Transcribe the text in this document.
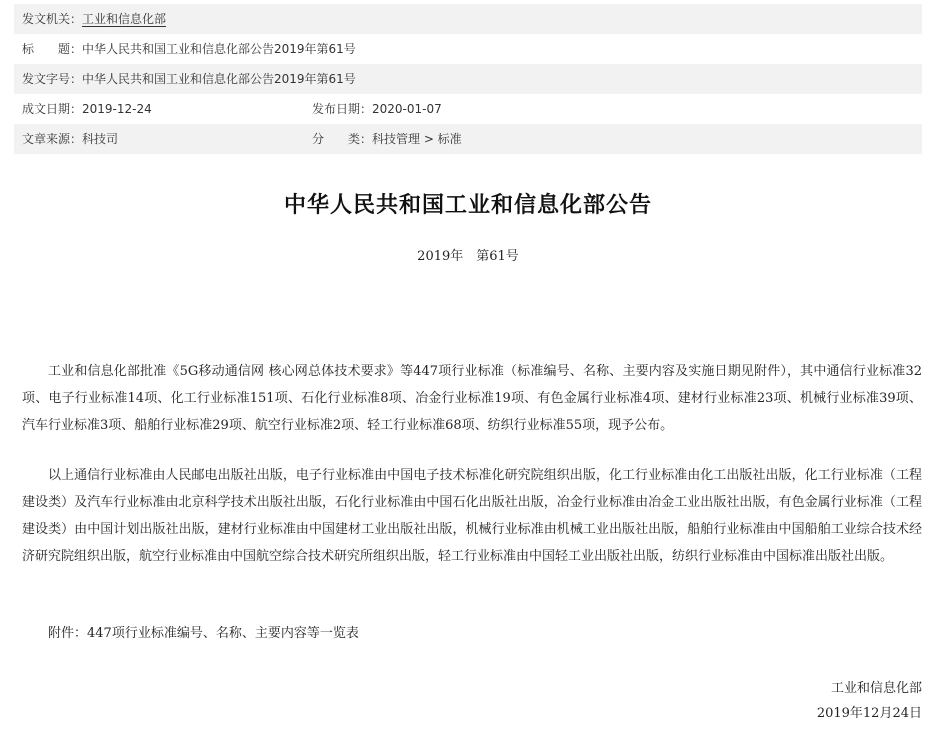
发文机关： 工业和信息化部
标　　题： 中华人民共和国工业和信息化部公告2019年第61号
发文字号： 中华人民共和国工业和信息化部公告2019年第61号
成文日期： 2019-12-24	发布日期： 2020-01-07
文章来源： 科技司	分　　类： 科技管理 > 标准
中华人民共和国工业和信息化部公告
2019年　第61号
工业和信息化部批准《5G移动通信网 核心网总体技术要求》等447项行业标准（标准编号、名称、主要内容及实施日期见附件），其中通信行业标准32项、电子行业标准14项、化工行业标准151项、石化行业标准8项、冶金行业标准19项、有色金属行业标准4项、建材行业标准23项、机械行业标准39项、汽车行业标准3项、船舶行业标准29项、航空行业标准2项、轻工行业标准68项、纺织行业标准55项，现予公布。
以上通信行业标准由人民邮电出版社出版，电子行业标准由中国电子技术标准化研究院组织出版，化工行业标准由化工出版社出版，化工行业标准（工程建设类）及汽车行业标准由北京科学技术出版社出版，石化行业标准由中国石化出版社出版，冶金行业标准由冶金工业出版社出版，有色金属行业标准（工程建设类）由中国计划出版社出版，建材行业标准由中国建材工业出版社出版，机械行业标准由机械工业出版社出版，船舶行业标准由中国船舶工业综合技术经济研究院组织出版，航空行业标准由中国航空综合技术研究所组织出版，轻工行业标准由中国轻工业出版社出版，纺织行业标准由中国标准出版社出版。
附件：447项行业标准编号、名称、主要内容等一览表
工业和信息化部
2019年12月24日
